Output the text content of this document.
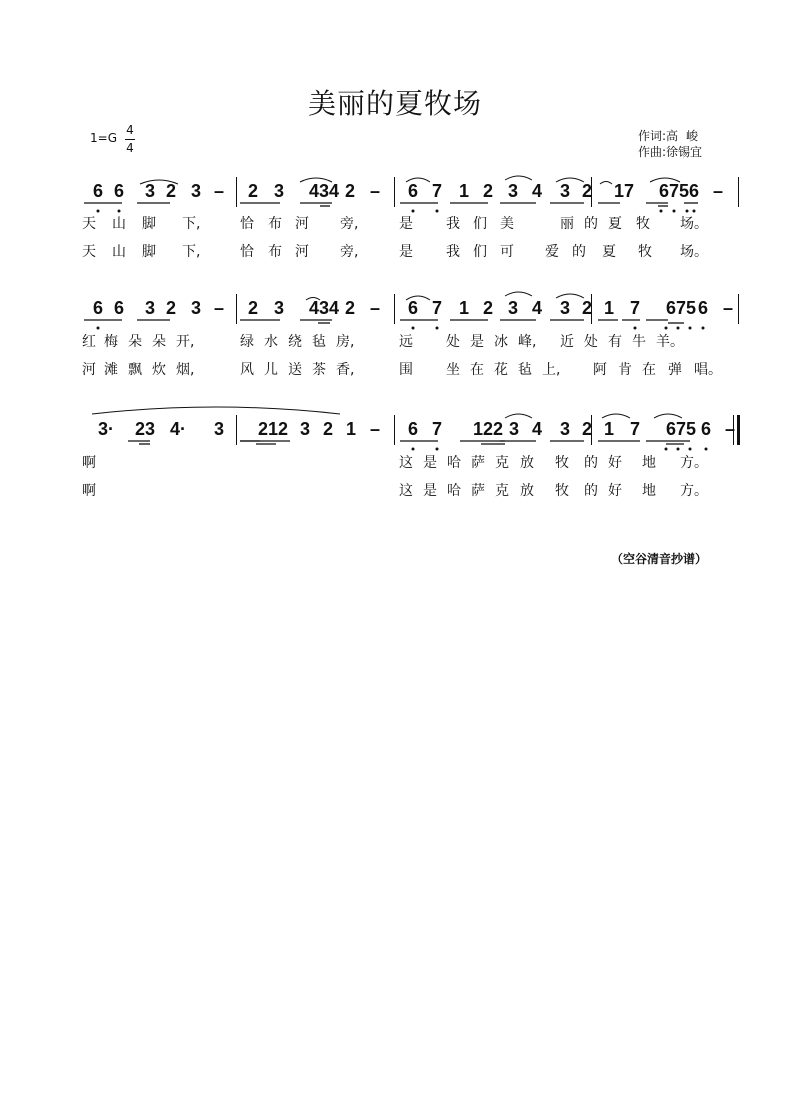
美丽的夏牧场
1=G
4
4
作词:高 峻
作曲:徐锡宜
6 6 3 2 3 – 2 3 434 2 – 6 7 1 2 3 4 3 2 17 675 6 –
天 山 脚 下,	恰 布 河 旁,	是 我 们 美	丽 的 夏 牧 场。
天 山 脚 下,	恰 布 河 旁,	是 我 们 可 爱 的 夏 牧 场。
6 6 3 2 3 – 2 3 434 2 – 6 7 1 2 3 4 3 2 1 7 675 6 –
红 梅 朵 朵 开,	绿 水 绕 毡 房,	远 处 是 冰 峰, 近 处 有 牛 羊。
河 滩 飘 炊 烟,	风 儿 送 茶 香,	围 坐 在 花 毡 上, 阿 肯 在 弹 唱。
3· 23 4· 3 212 3 2 1 – 6 7 122 3 4 3 2 1 7 675 6 –
啊	这 是 哈 萨 克 放 牧 的 好 地 方。
啊	这 是 哈 萨 克 放 牧 的 好 地 方。
（空谷清音抄谱）
